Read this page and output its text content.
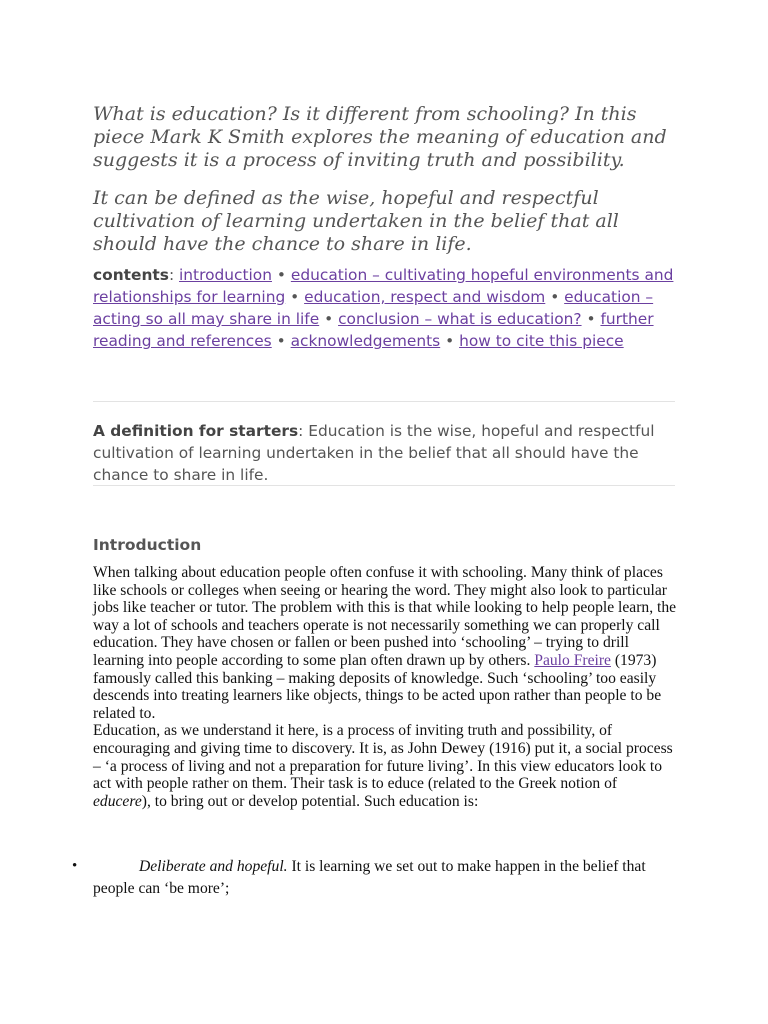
What is education? Is it different from schooling? In this piece Mark K Smith explores the meaning of education and suggests it is a process of inviting truth and possibility.

It can be defined as the wise, hopeful and respectful cultivation of learning undertaken in the belief that all should have the chance to share in life.

contents: introduction • education – cultivating hopeful environments and relationships for learning • education, respect and wisdom • education – acting so all may share in life • conclusion – what is education? • further reading and references • acknowledgements • how to cite this piece
A definition for starters: Education is the wise, hopeful and respectful cultivation of learning undertaken in the belief that all should have the chance to share in life.
Introduction

When talking about education people often confuse it with schooling. Many think of places like schools or colleges when seeing or hearing the word. They might also look to particular jobs like teacher or tutor. The problem with this is that while looking to help people learn, the way a lot of schools and teachers operate is not necessarily something we can properly call education. They have chosen or fallen or been pushed into ‘schooling’ – trying to drill learning into people according to some plan often drawn up by others. Paulo Freire (1973) famously called this banking – making deposits of knowledge. Such ‘schooling’ too easily descends into treating learners like objects, things to be acted upon rather than people to be related to.

Education, as we understand it here, is a process of inviting truth and possibility, of encouraging and giving time to discovery. It is, as John Dewey (1916) put it, a social process – ‘a process of living and not a preparation for future living’. In this view educators look to act with people rather on them. Their task is to educe (related to the Greek notion of educere), to bring out or develop potential. Such education is:

•	Deliberate and hopeful. It is learning we set out to make happen in the belief that people can ‘be more’;
